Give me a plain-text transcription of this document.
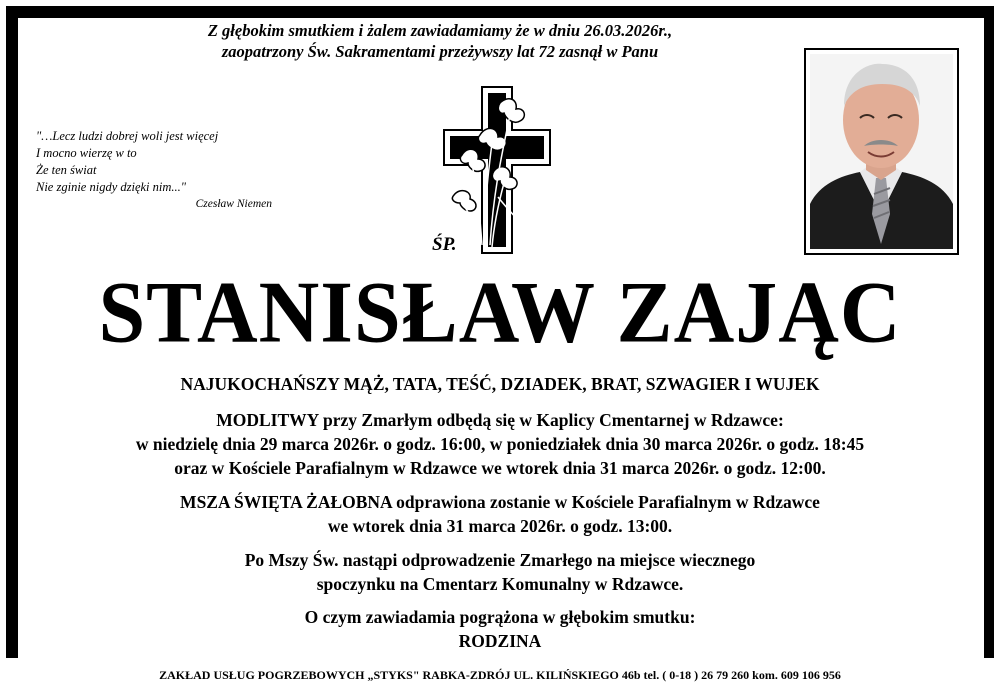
Z głębokim smutkiem i żalem zawiadamiamy że w dniu 26.03.2026r.,
zaopatrzony Św. Sakramentami przeżywszy lat 72 zasnął w Panu
"…Lecz ludzi dobrej woli jest więcej
I mocno wierzę w to
Że ten świat
Nie zginie nigdy dzięki nim..."
Czesław Niemen
ŚP.
STANISŁAW ZAJĄC
NAJUKOCHAŃSZY MĄŻ, TATA, TEŚĆ, DZIADEK, BRAT, SZWAGIER I WUJEK

MODLITWY przy Zmarłym odbędą się w Kaplicy Cmentarnej w Rdzawce:

w niedzielę dnia 29 marca 2026r. o godz. 16:00, w poniedziałek dnia 30 marca 2026r. o godz. 18:45

oraz w Kościele Parafialnym w Rdzawce we wtorek dnia 31 marca 2026r. o godz. 12:00.

MSZA ŚWIĘTA ŻAŁOBNA odprawiona zostanie w Kościele Parafialnym w Rdzawce

we wtorek dnia 31 marca 2026r. o godz. 13:00.

Po Mszy Św. nastąpi odprowadzenie Zmarłego na miejsce wiecznego

spoczynku na Cmentarz Komunalny w Rdzawce.

O czym zawiadamia pogrążona w głębokim smutku:

RODZINA

ZAKŁAD USŁUG POGRZEBOWYCH „STYKS" RABKA-ZDRÓJ UL. KILIŃSKIEGO 46b tel. ( 0-18 ) 26 79 260 kom. 609 106 956
